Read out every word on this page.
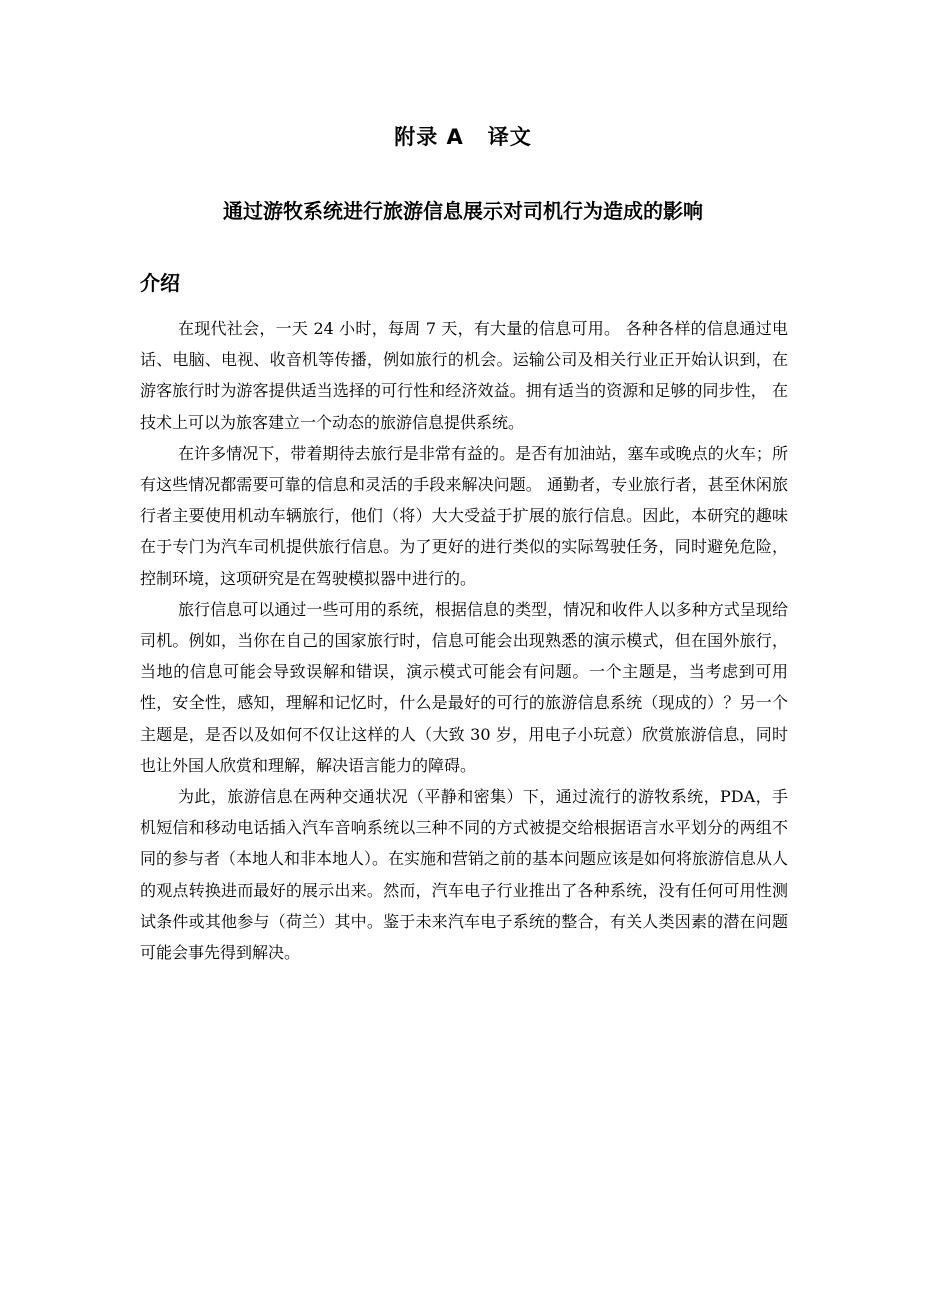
附录 A 译文
通过游牧系统进行旅游信息展示对司机行为造成的影响
介绍

在现代社会，一天 24 小时，每周 7 天，有大量的信息可用。 各种各样的信息通过电话、电脑、电视、收音机等传播，例如旅行的机会。运输公司及相关行业正开始认识到，在游客旅行时为游客提供适当选择的可行性和经济效益。拥有适当的资源和足够的同步性， 在技术上可以为旅客建立一个动态的旅游信息提供系统。

在许多情况下，带着期待去旅行是非常有益的。是否有加油站，塞车或晚点的火车；所有这些情况都需要可靠的信息和灵活的手段来解决问题。 通勤者，专业旅行者，甚至休闲旅行者主要使用机动车辆旅行，他们（将）大大受益于扩展的旅行信息。因此，本研究的趣味在于专门为汽车司机提供旅行信息。为了更好的进行类似的实际驾驶任务，同时避免危险，控制环境，这项研究是在驾驶模拟器中进行的。

旅行信息可以通过一些可用的系统，根据信息的类型，情况和收件人以多种方式呈现给司机。例如，当你在自己的国家旅行时，信息可能会出现熟悉的演示模式，但在国外旅行，当地的信息可能会导致误解和错误，演示模式可能会有问题。一个主题是，当考虑到可用性，安全性，感知，理解和记忆时，什么是最好的可行的旅游信息系统（现成的）？另一个主题是，是否以及如何不仅让这样的人（大致 30 岁，用电子小玩意）欣赏旅游信息，同时也让外国人欣赏和理解，解决语言能力的障碍。

为此，旅游信息在两种交通状况（平静和密集）下，通过流行的游牧系统，PDA，手机短信和移动电话插入汽车音响系统以三种不同的方式被提交给根据语言水平划分的两组不同的参与者（本地人和非本地人）。在实施和营销之前的基本问题应该是如何将旅游信息从人的观点转换进而最好的展示出来。然而，汽车电子行业推出了各种系统，没有任何可用性测试条件或其他参与（荷兰）其中。鉴于未来汽车电子系统的整合，有关人类因素的潜在问题可能会事先得到解决。
